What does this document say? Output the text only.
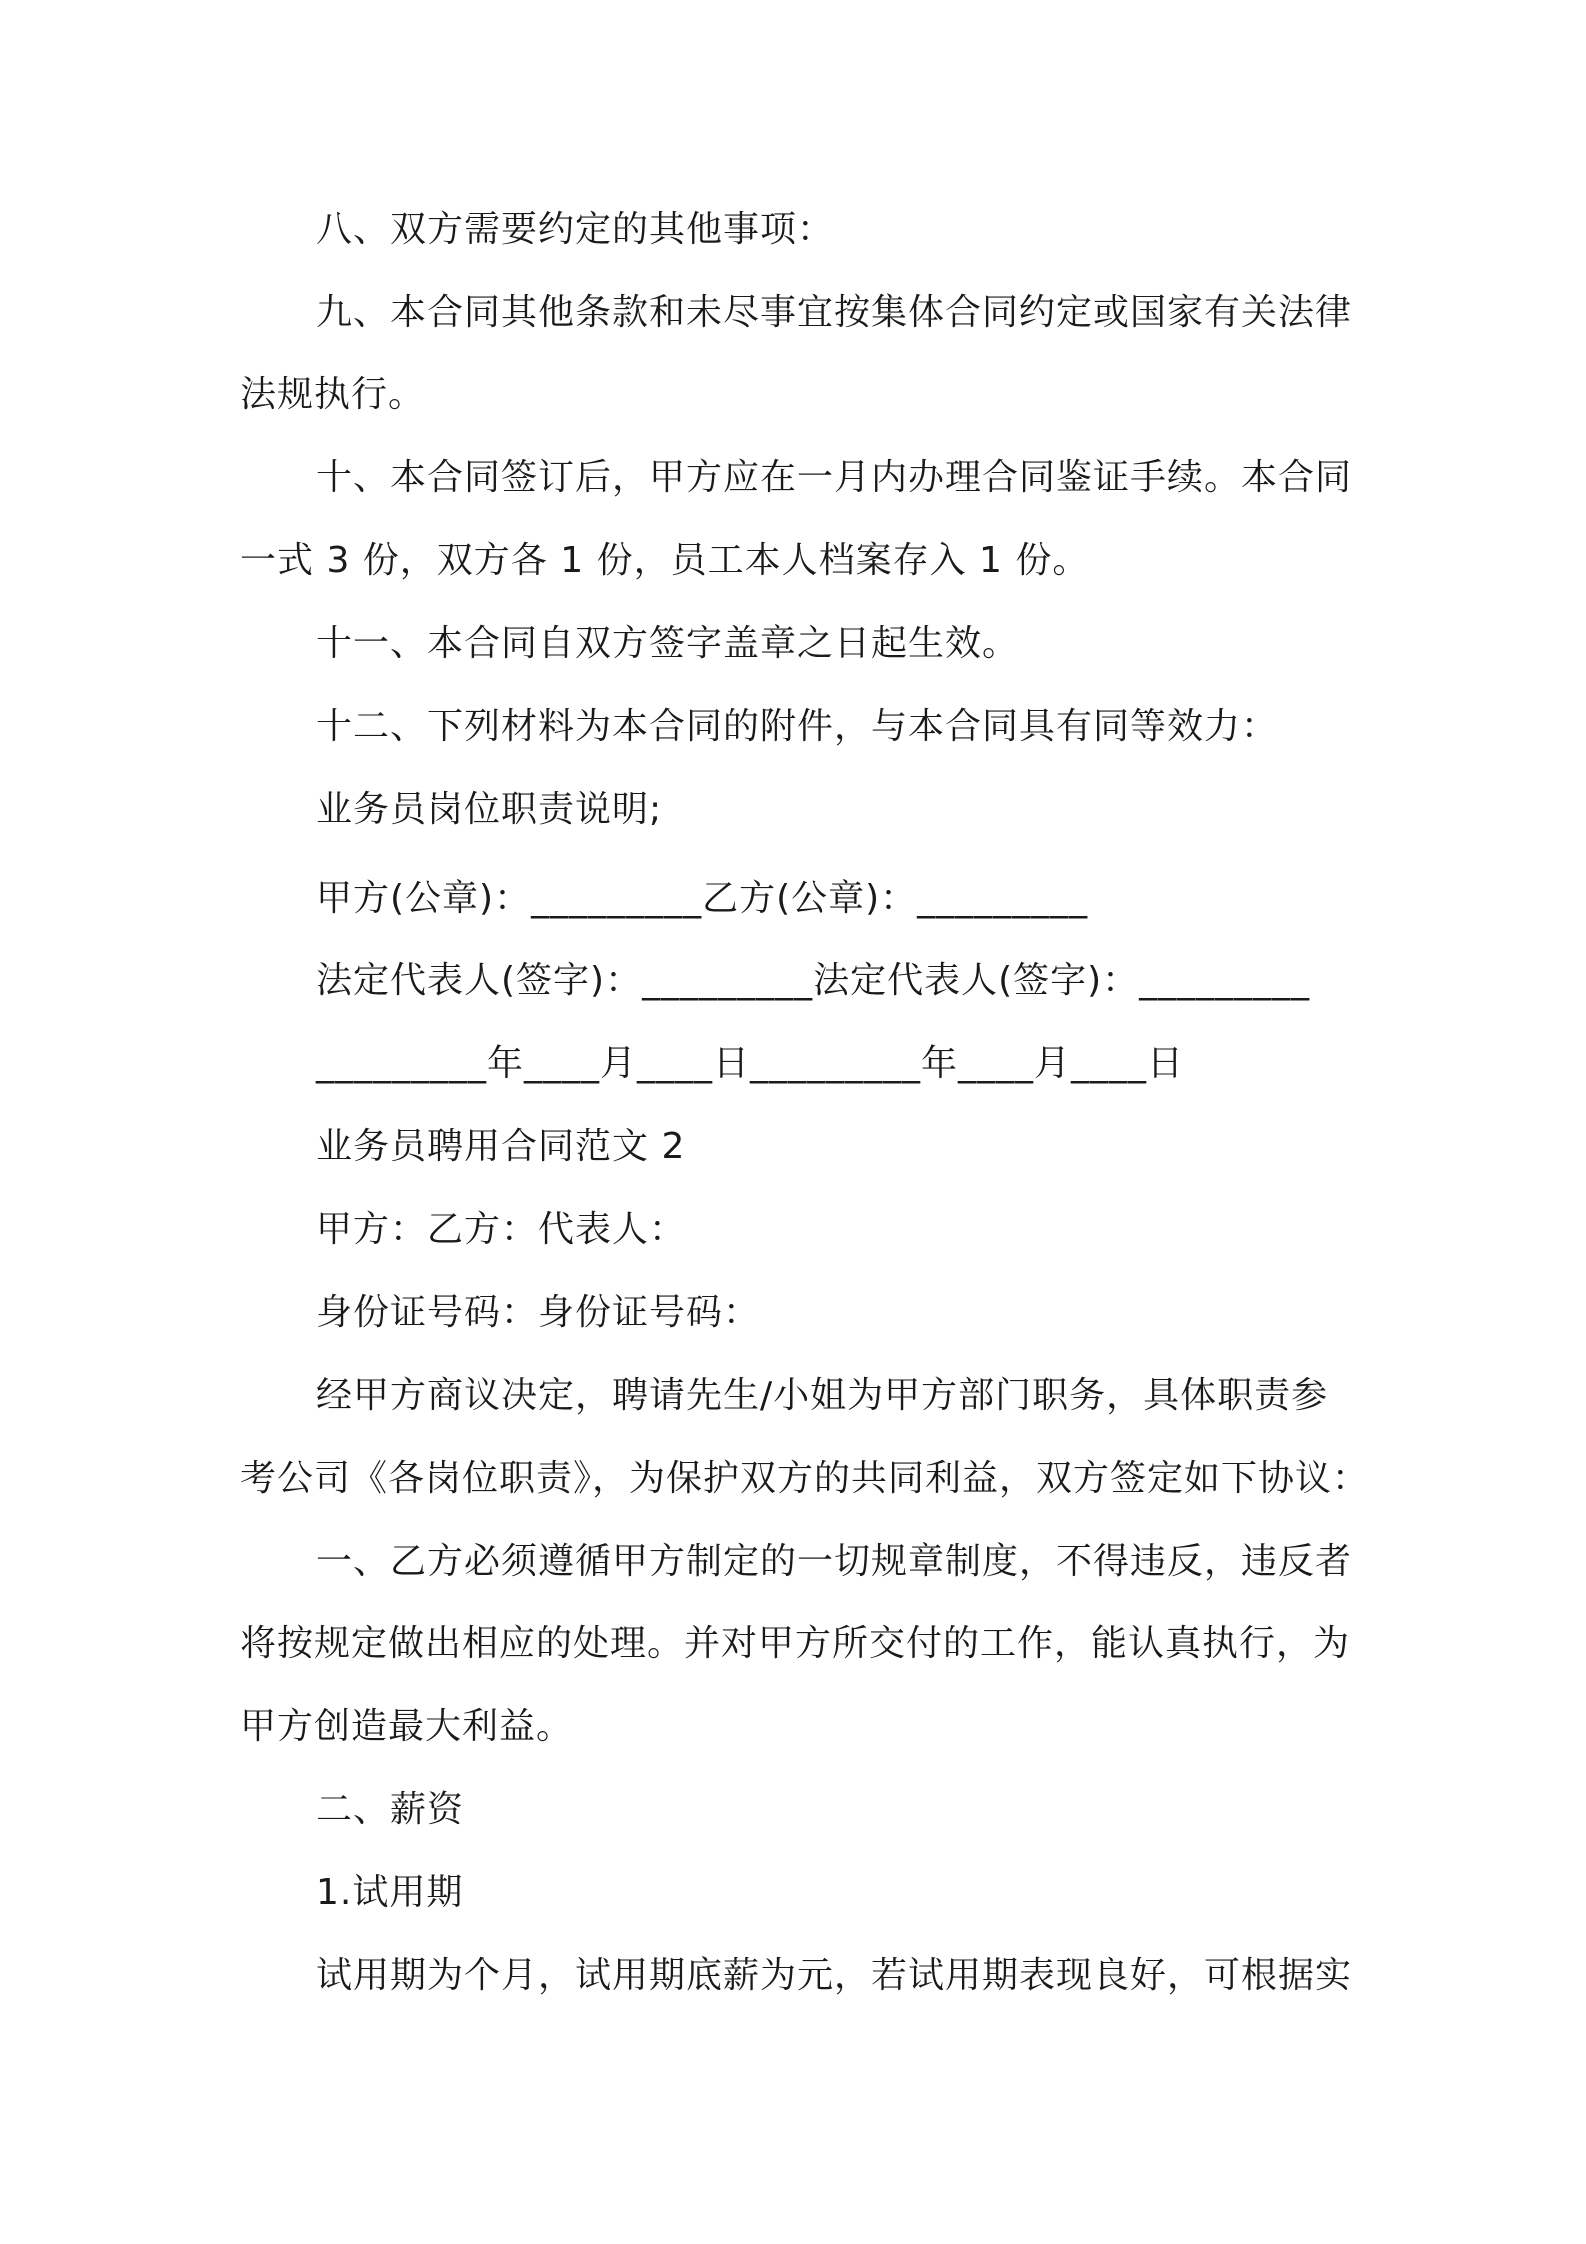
八、双方需要约定的其他事项：
九、本合同其他条款和未尽事宜按集体合同约定或国家有关法律
法规执行。
十、本合同签订后，甲方应在一月内办理合同鉴证手续。本合同
一式 3 份，双方各 1 份，员工本人档案存入 1 份。
十一、本合同自双方签字盖章之日起生效。
十二、下列材料为本合同的附件，与本合同具有同等效力：
业务员岗位职责说明;
甲方(公章)：_________乙方(公章)：_________
法定代表人(签字)：_________法定代表人(签字)：_________
_________年____月____日_________年____月____日
业务员聘用合同范文 2
甲方：乙方：代表人：
身份证号码：身份证号码：
经甲方商议决定，聘请先生/小姐为甲方部门职务，具体职责参
考公司《各岗位职责》，为保护双方的共同利益，双方签定如下协议：
一、乙方必须遵循甲方制定的一切规章制度，不得违反，违反者
将按规定做出相应的处理。并对甲方所交付的工作，能认真执行，为
甲方创造最大利益。
二、薪资
1.试用期
试用期为个月，试用期底薪为元，若试用期表现良好，可根据实
